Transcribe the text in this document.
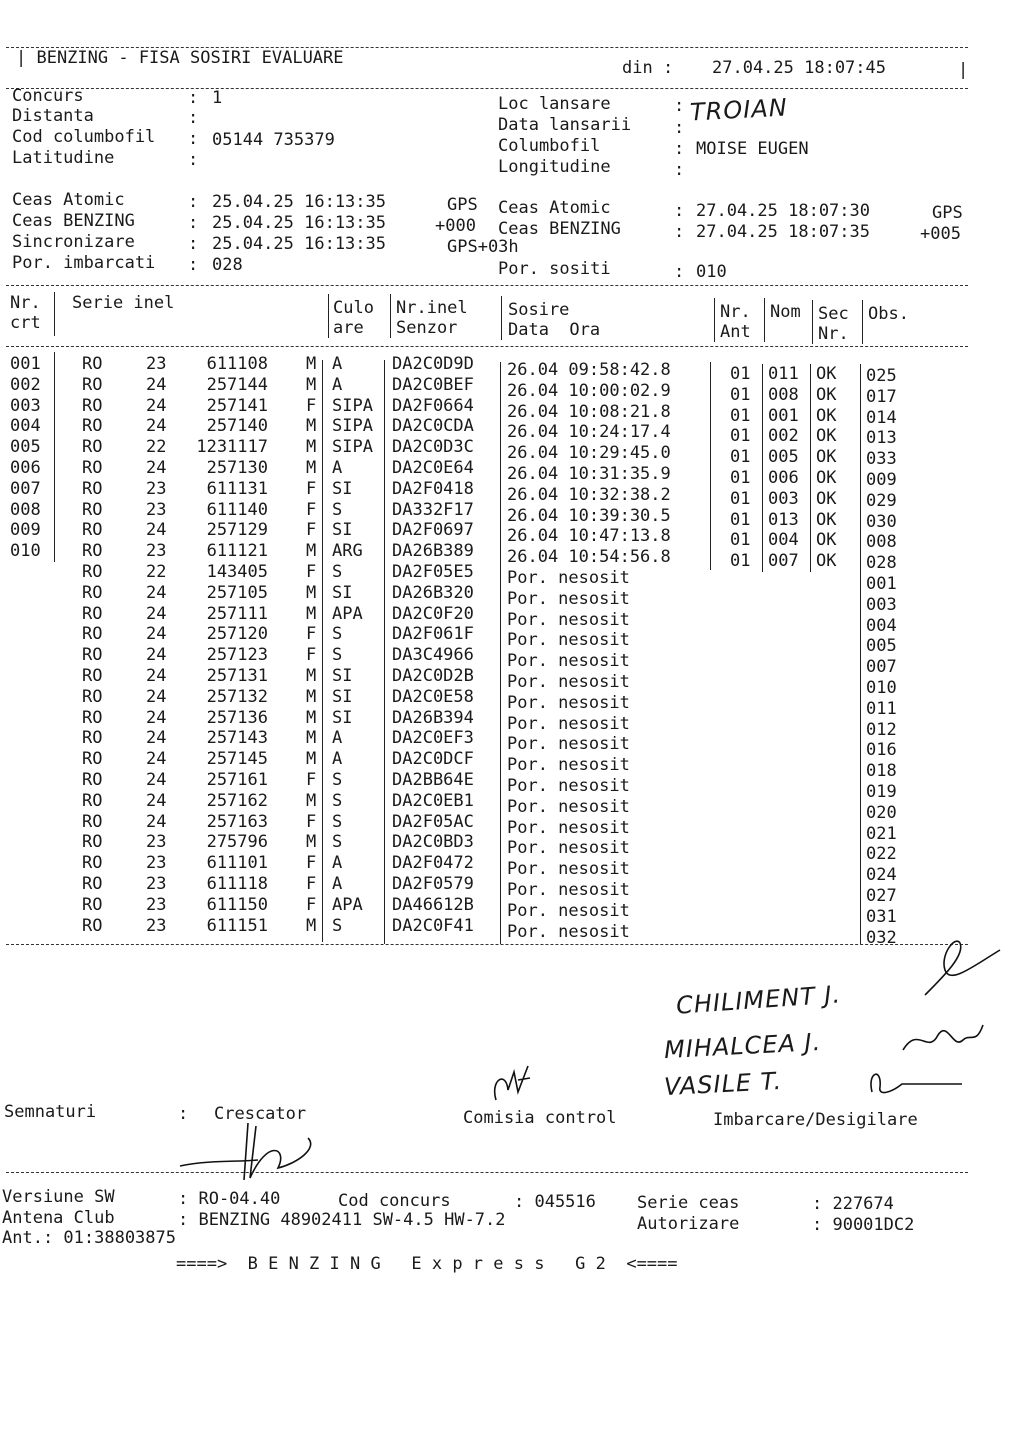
| BENZING - FISA SOSIRI EVALUARE	din : 27.04.25 18:07:45	|
Concurs	: 1
Distanta	:
Cod columbofil : 05144 735379
Latitudine	:
Loc lansare	: TROIAN
Data lansarii	:
Columbofil	: MOISE EUGEN
Longitudine	:
Ceas Atomic	: 25.04.25 16:13:35	GPS
Ceas BENZING	: 25.04.25 16:13:35	+000
Sincronizare	: 25.04.25 16:13:35	GPS+03h
Por. imbarcati : 028
Ceas Atomic	: 27.04.25 18:07:30	GPS
Ceas BENZING	: 27.04.25 18:07:35	+005
Por. sositi	: 010
Nr.
crt
Serie inel	Culo
are
Nr.inel
Senzor
Sosire
Data  Ora
Nr.
Ant
Nom Sec
Nr.
Obs.
001 RO	23 611108 M A	DA2C0D9D 26.04 09:58:42.8	01 011 OK 025
002 RO	24 257144 M A	DA2C0BEF 26.04 10:00:02.9	01 008 OK 017
003 RO	24 257141 F SIPA DA2F0664 26.04 10:08:21.8	01 001 OK 014
004 RO	24 257140 M SIPA DA2C0CDA 26.04 10:24:17.4	01 002 OK 013
005 RO	22 1231117 M SIPA DA2C0D3C 26.04 10:29:45.0	01 005 OK 033
006 RO	24 257130 M A	DA2C0E64 26.04 10:31:35.9	01 006 OK 009
007 RO	23 611131 F SI DA2F0418 26.04 10:32:38.2	01 003 OK 029
008 RO	23 611140 F S	DA332F17 26.04 10:39:30.5	01 013 OK 030
009 RO	24 257129 F SI DA2F0697 26.04 10:47:13.8	01 004 OK 008
010 RO	23 611121 M ARG DA26B389 26.04 10:54:56.8	01 007 OK 028
RO	22 143405 F S	DA2F05E5 Por. nesosit	001
RO	24 257105 M SI DA26B320 Por. nesosit	003
RO	24 257111 M APA DA2C0F20 Por. nesosit	004
RO	24 257120 F S	DA2F061F Por. nesosit	005
RO	24 257123 F S	DA3C4966 Por. nesosit	007
RO	24 257131 M SI DA2C0D2B Por. nesosit	010
RO	24 257132 M SI DA2C0E58 Por. nesosit	011
RO	24 257136 M SI DA26B394 Por. nesosit	012
RO	24 257143 M A	DA2C0EF3 Por. nesosit	016
RO	24 257145 M A	DA2C0DCF Por. nesosit	018
RO	24 257161 F S	DA2BB64E Por. nesosit	019
RO	24 257162 M S	DA2C0EB1 Por. nesosit	020
RO	24 257163 F S	DA2F05AC Por. nesosit	021
RO	23 275796 M S	DA2C0BD3 Por. nesosit	022
RO	23 611101 F A	DA2F0472 Por. nesosit	024
RO	23 611118 F A	DA2F0579 Por. nesosit	027
RO	23 611150 F APA DA46612B Por. nesosit	031
RO	23 611151 M S	DA2C0F41 Por. nesosit	032
CHILIMENT J.
MIHALCEA J.
VASILE T.
Semnaturi	: Crescator	Comisia control	Imbarcare/Desigilare
Versiune SW	: RO-04.40	Cod concurs	: 045516 Serie ceas	: 227674
Antena Club	: BENZING 48902411 SW-4.5 HW-7.2	Autorizare	: 90001DC2
Ant.: 01:38803875
====>  B E N Z I N G   E x p r e s s   G 2  <====
